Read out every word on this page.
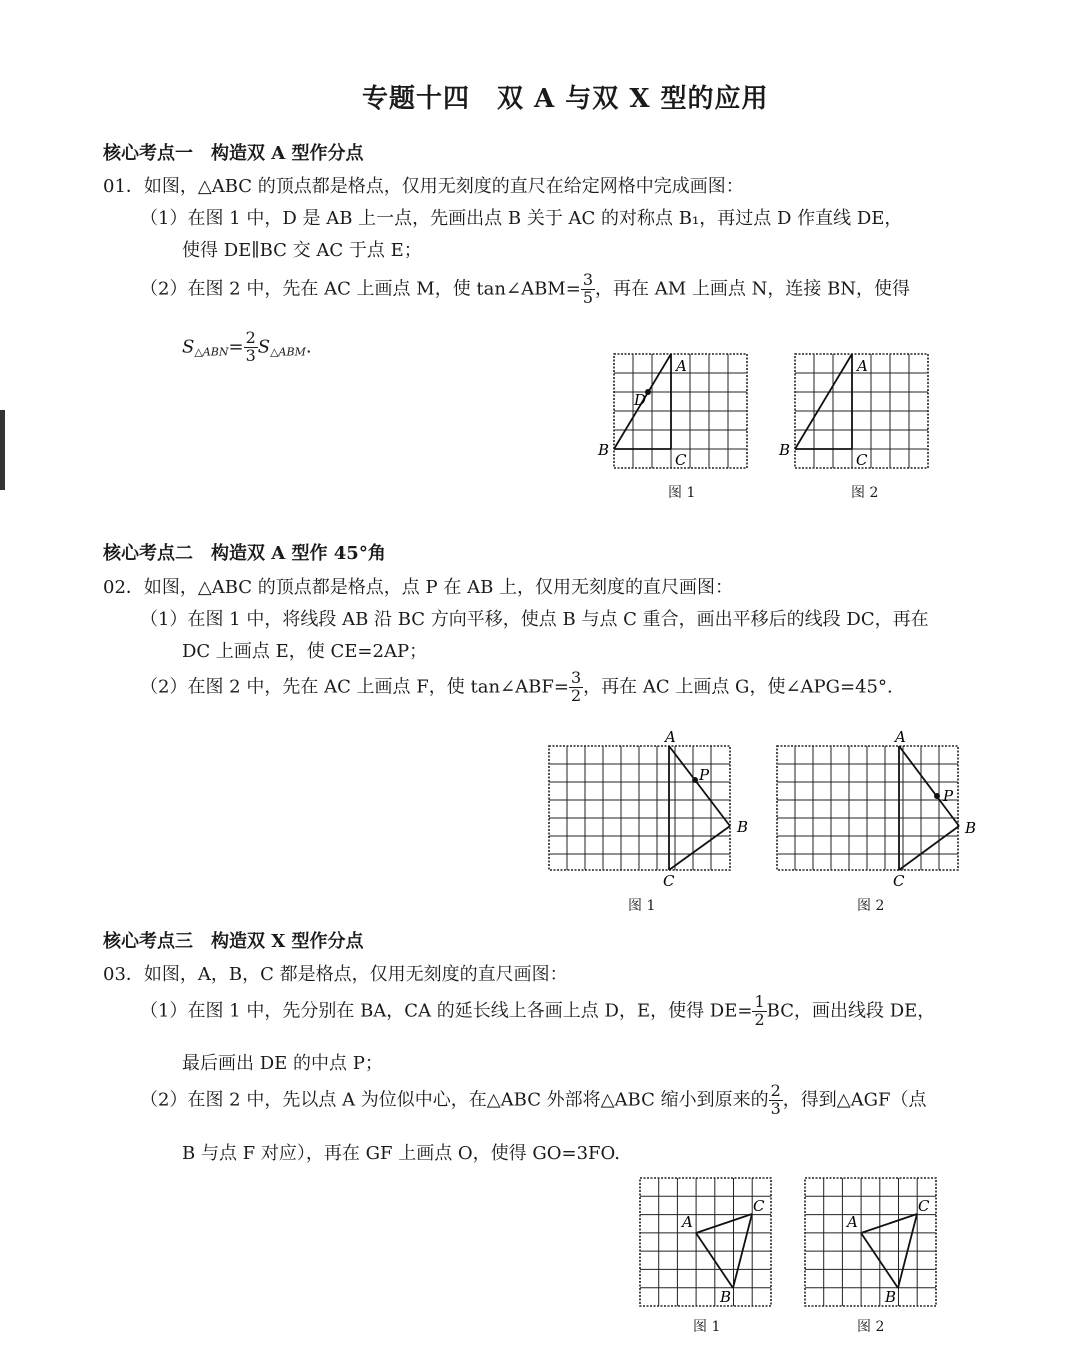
专题十四　双 A 与双 X 型的应用
核心考点一　构造双 A 型作分点
01．如图，△ABC 的顶点都是格点，仅用无刻度的直尺在给定网格中完成画图：
（1）在图 1 中，D 是 AB 上一点，先画出点 B 关于 AC 的对称点 B₁，再过点 D 作直线 DE，
使得 DE∥BC 交 AC 于点 E；
（2）在图 2 中，先在 AC 上画点 M，使 tan∠ABM= $\frac{3}{5}$ ，再在 AM 上画点 N，连接 BN，使得
$S_{\triangle ABN}= \frac{2}{3} S_{\triangle ABM}$.
A
B
C
D
图 1
A
B
C
图 2
核心考点二　构造双 A 型作 45°角
02．如图，△ABC 的顶点都是格点，点 P 在 AB 上，仅用无刻度的直尺画图：
（1）在图 1 中，将线段 AB 沿 BC 方向平移，使点 B 与点 C 重合，画出平移后的线段 DC，再在
DC 上画点 E，使 CE=2AP；
（2）在图 2 中，先在 AC 上画点 F，使 tan∠ABF= $\frac{3}{2}$ ，再在 AC 上画点 G，使∠APG=45°.
A
B
C
P
图 1
A
B
C
P
图 2
核心考点三　构造双 X 型作分点
03．如图，A，B，C 都是格点，仅用无刻度的直尺画图：
（1）在图 1 中，先分别在 BA，CA 的延长线上各画上点 D，E，使得 $DE= \frac{1}{2}$ BC，画出线段 DE，
最后画出 DE 的中点 P；
（2）在图 2 中，先以点 A 为位似中心，在△ABC 外部将△ABC 缩小到原来的 $\frac{2}{3}$ ，得到△AGF（点
B 与点 F 对应），再在 GF 上画点 O，使得 GO=3FO.
A
B
C
图 1
A
B
C
图 2
